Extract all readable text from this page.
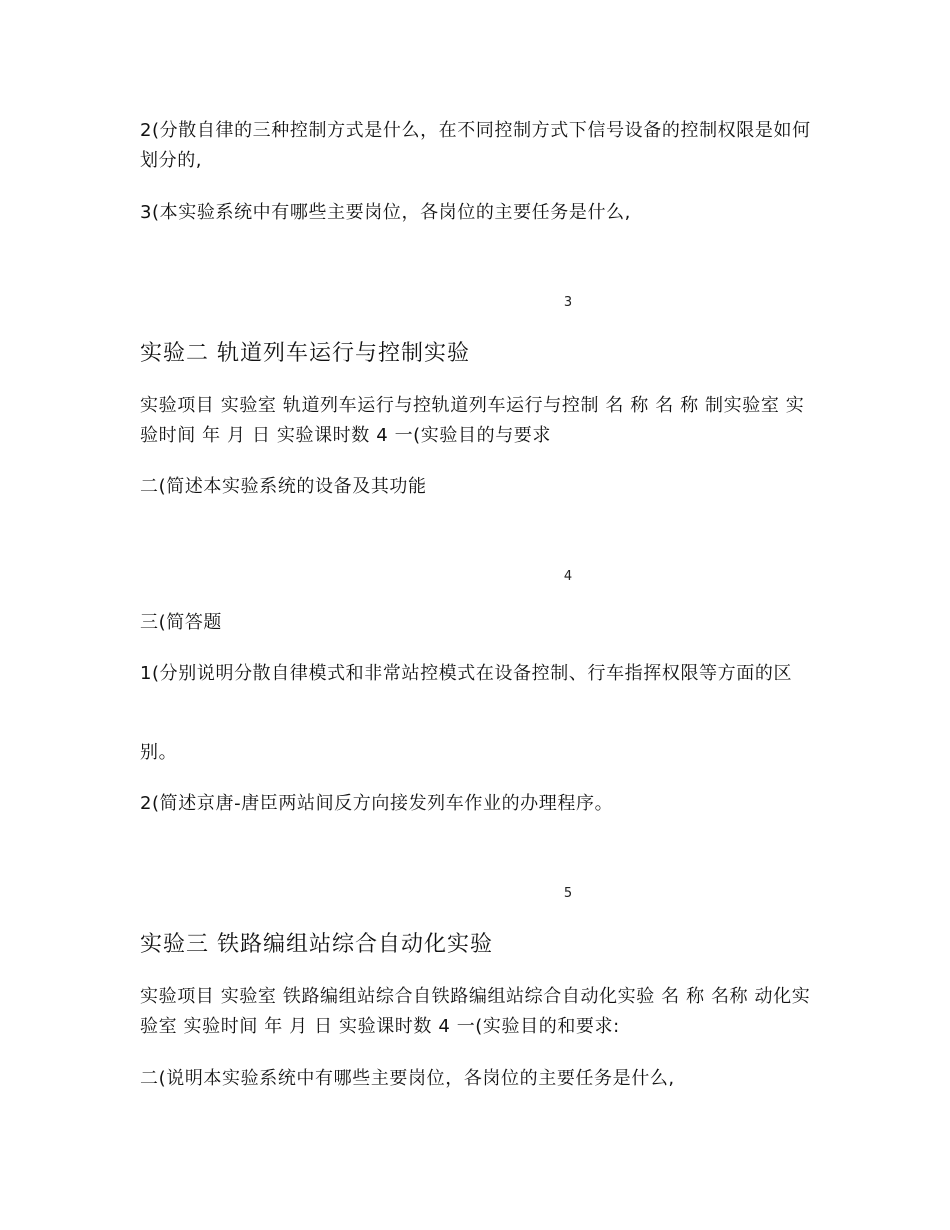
2(分散自律的三种控制方式是什么，在不同控制方式下信号设备的控制权限是如何划分的,
3(本实验系统中有哪些主要岗位，各岗位的主要任务是什么,
3
实验二 轨道列车运行与控制实验
实验项目 实验室 轨道列车运行与控轨道列车运行与控制 名 称 名 称 制实验室 实验时间 年 月 日 实验课时数 4 一(实验目的与要求
二(简述本实验系统的设备及其功能
4
三(简答题
1(分别说明分散自律模式和非常站控模式在设备控制、行车指挥权限等方面的区
别。
2(简述京唐-唐臣两站间反方向接发列车作业的办理程序。
5
实验三 铁路编组站综合自动化实验
实验项目 实验室 铁路编组站综合自铁路编组站综合自动化实验 名 称 名称 动化实验室 实验时间 年 月 日 实验课时数 4 一(实验目的和要求:
二(说明本实验系统中有哪些主要岗位，各岗位的主要任务是什么,
